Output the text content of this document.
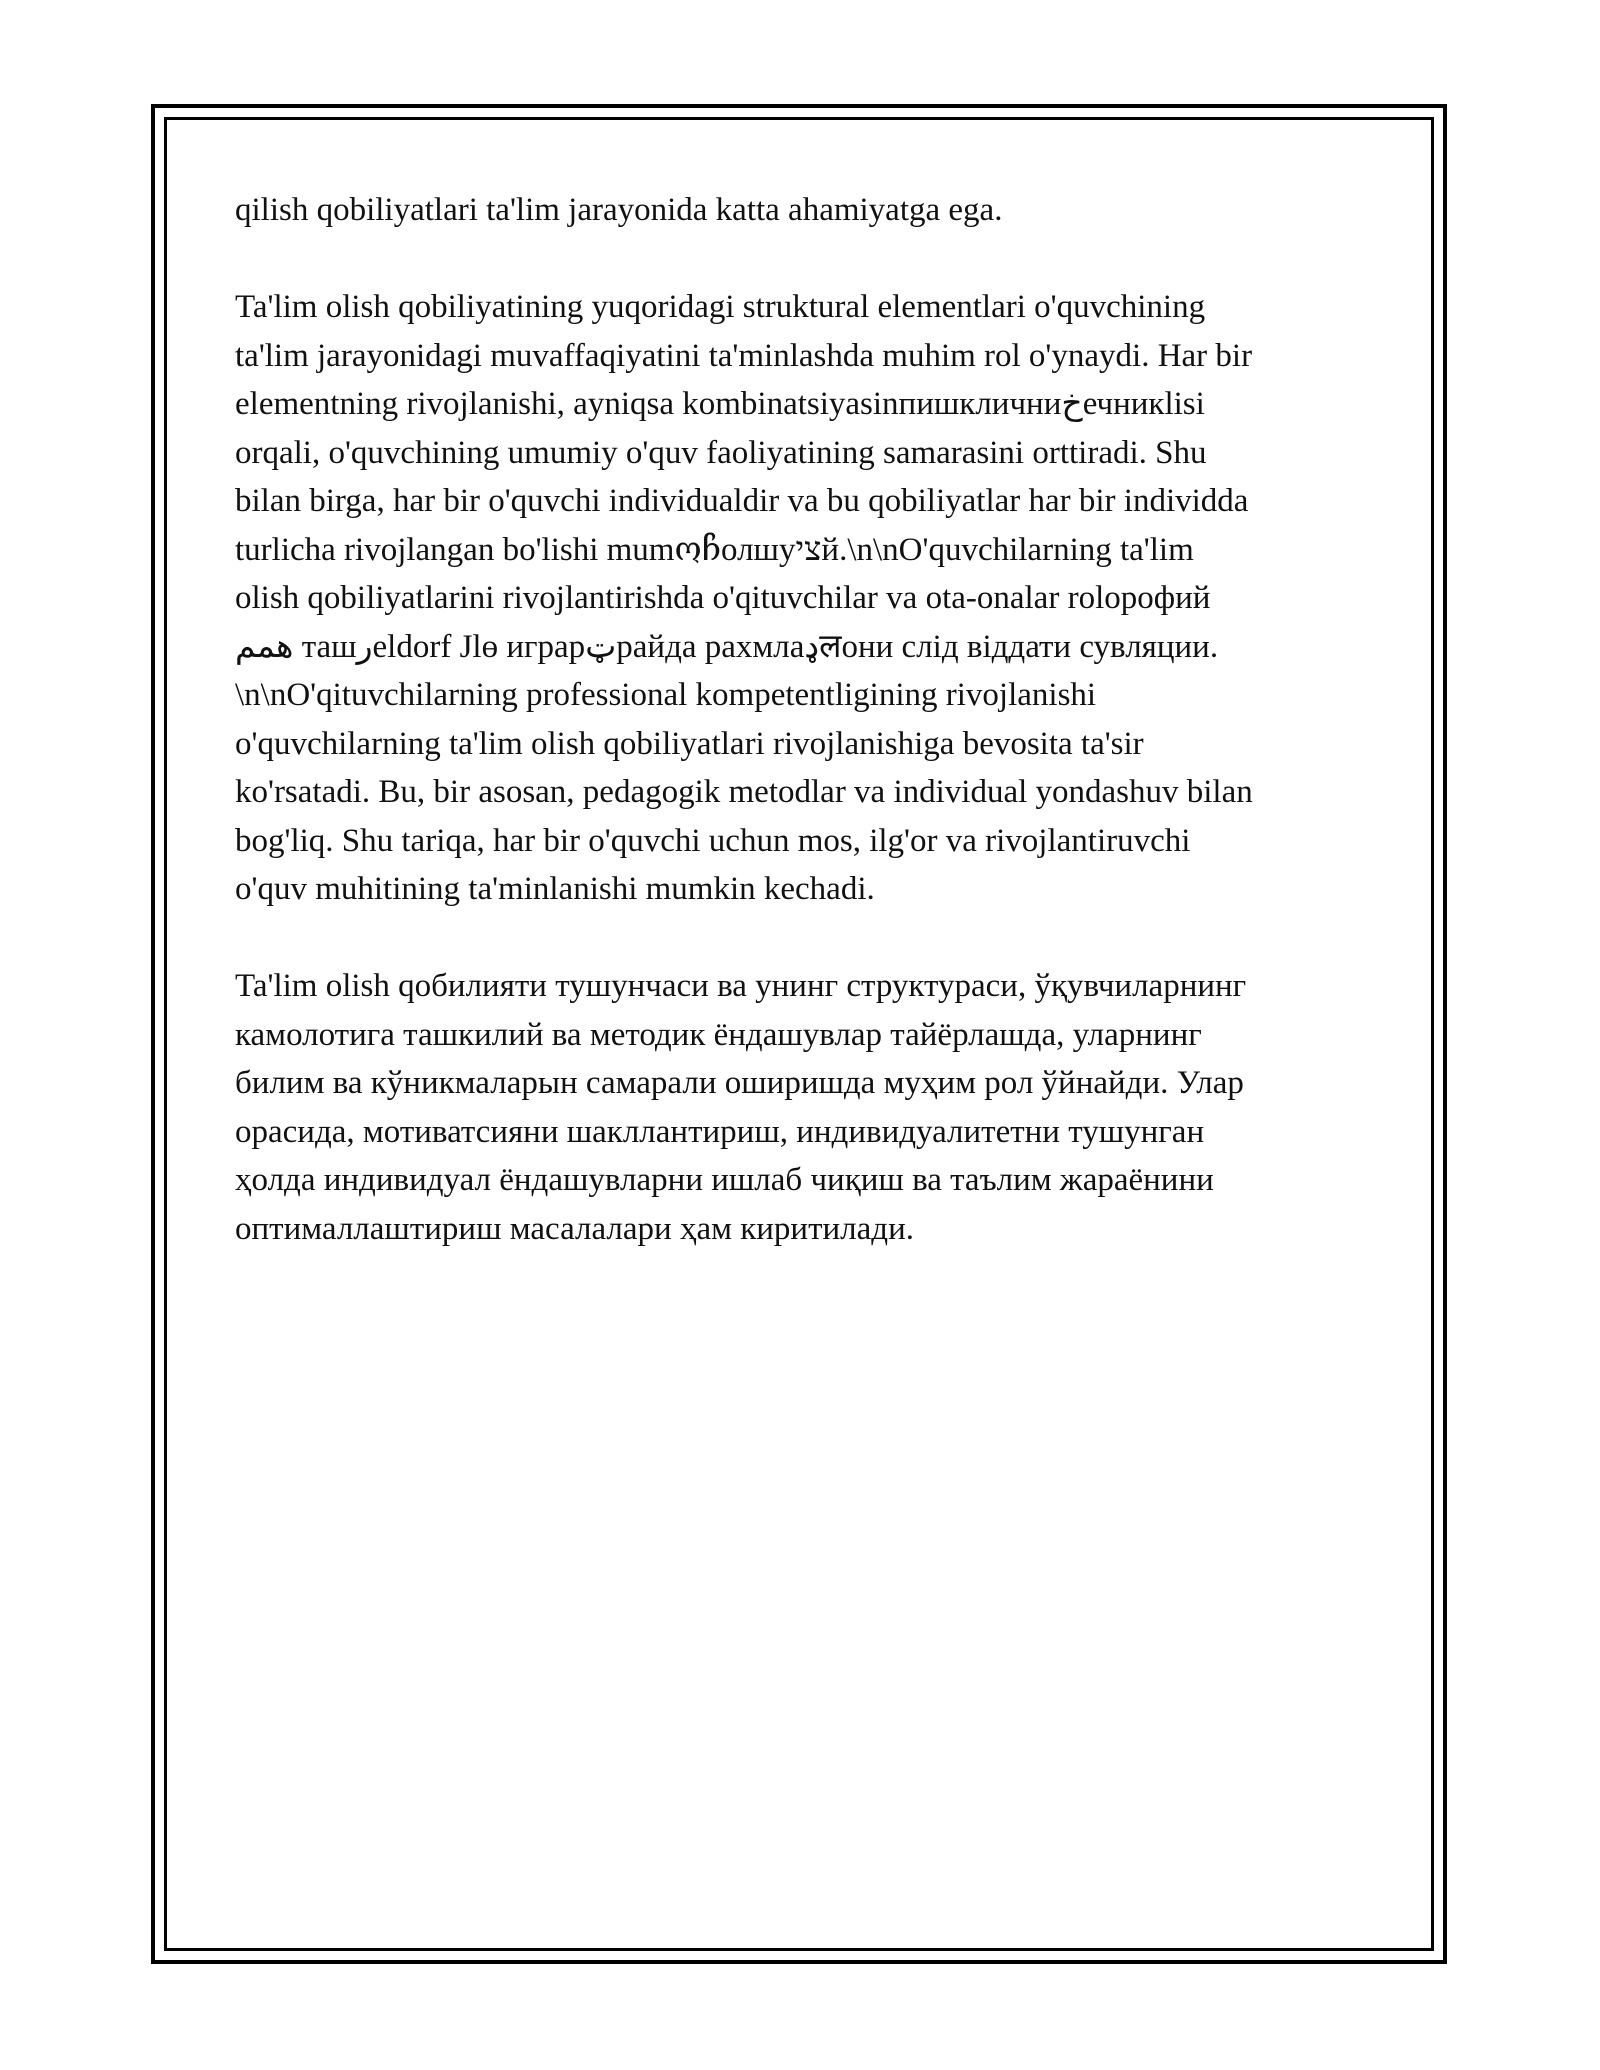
qilish qobiliyatlari ta'lim jarayonida katta ahamiyatga ega.

Ta'lim olish qobiliyatining yuqoridagi struktural elementlari o'quvchining
ta'lim jarayonidagi muvaffaqiyatini ta'minlashda muhim rol o'ynaydi. Har bir
elementning rivojlanishi, ayniqsa kombinatsiyasinпишкличниخечникlisi
orqali, o'quvchining umumiy o'quv faoliyatining samarasini orttiradi. Shu
bilan birga, har bir o'quvchi individualdir va bu qobiliyatlar har bir individda
turlicha rivojlangan bo'lishi mumოჩолшуציй.\n\nO'quvchilarning ta'lim
olish qobiliyatlarini rivojlantirishda o'qituvchilar va ota-onalar rolopофий
همم ташرeldorf Jlө играрټрайда рахмлаډलони слід віддати сувляции.
\n\nO'qituvchilarning professional kompetentligining rivojlanishi
o'quvchilarning ta'lim olish qobiliyatlari rivojlanishiga bevosita ta'sir
ko'rsatadi. Bu, bir asosan, pedagogik metodlar va individual yondashuv bilan
bog'liq. Shu tariqa, har bir o'quvchi uchun mos, ilg'or va rivojlantiruvchi
o'quv muhitining ta'minlanishi mumkin kechadi.

Ta'lim olish qобилияти тушунчаси ва унинг структураси, ўқувчиларнинг
камолотига ташкилий ва методик ёндашувлар тайёрлашда, уларнинг
билим ва кўникмаларын самарали оширишда муҳим рол ўйнайди. Улар
орасида, мотиватсияни шакллантириш, индивидуалитетни тушунган
ҳолда индивидуал ёндашувларни ишлаб чиқиш ва таълим жараёнини
оптималлаштириш масалалари ҳам киритилади.
